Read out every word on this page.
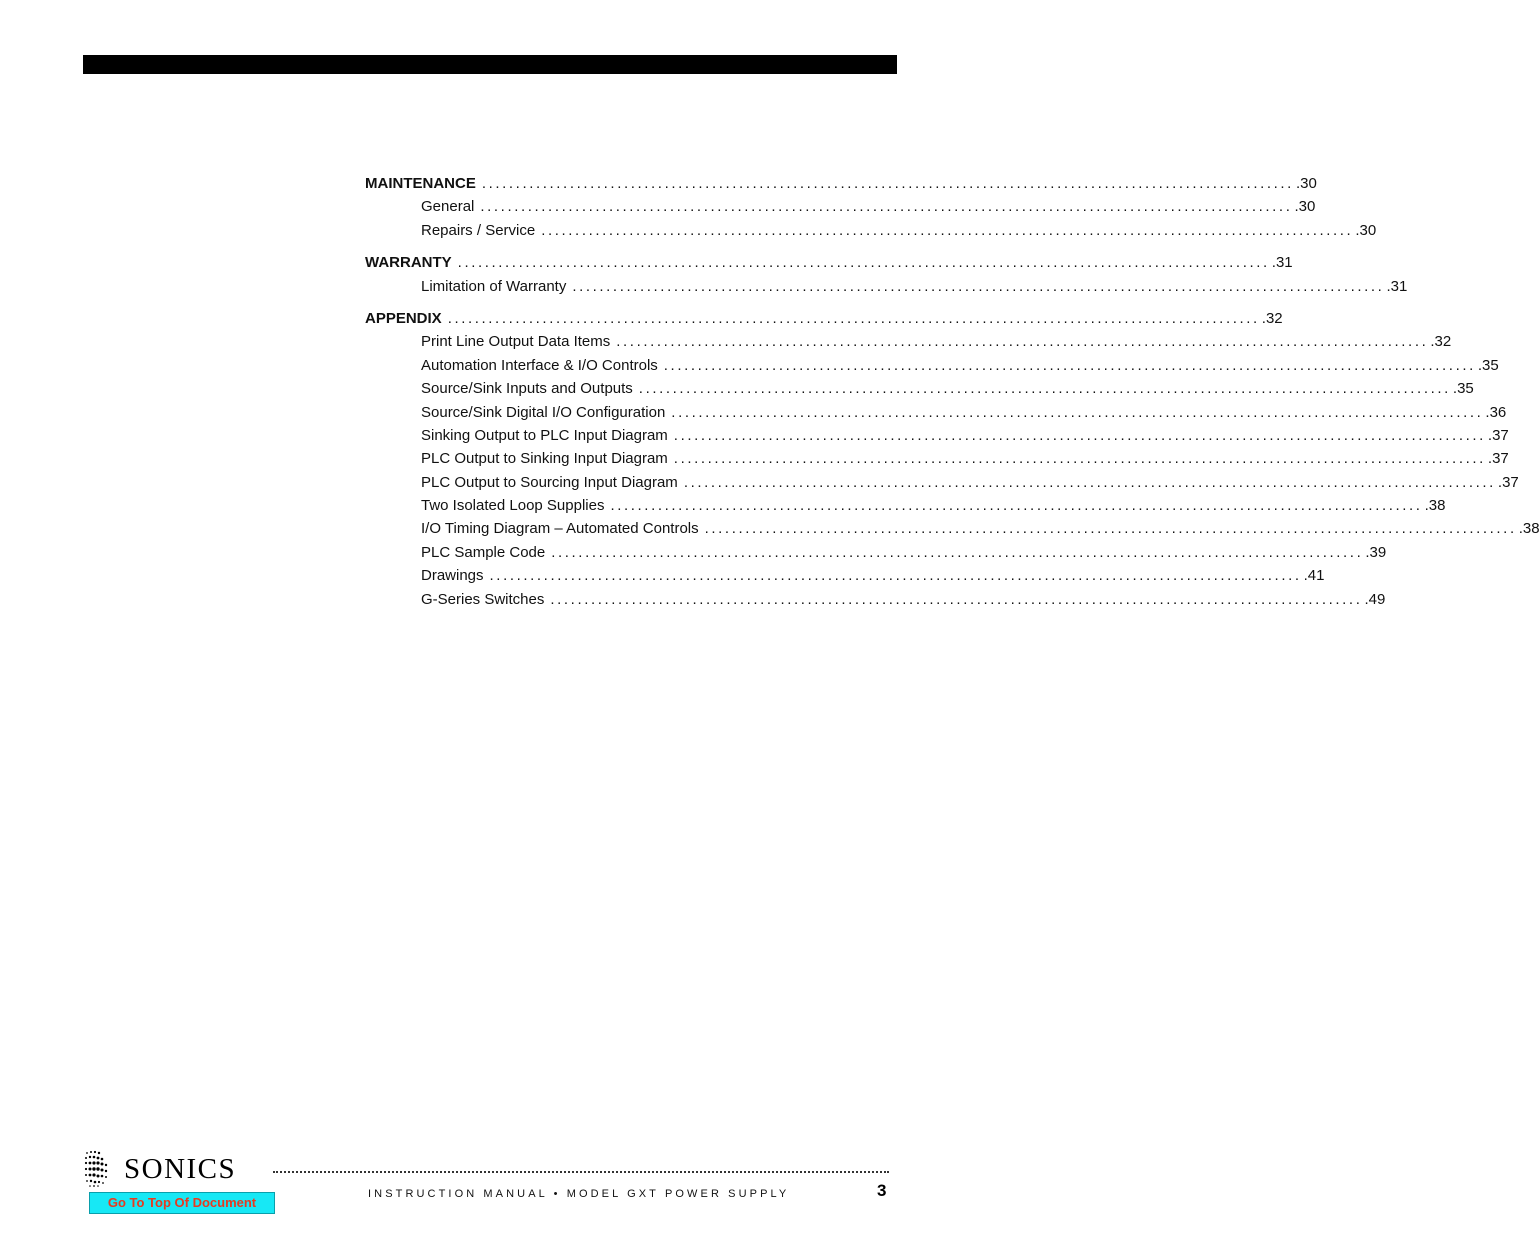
MAINTENANCE ........................................................................................................................ .30
General ........................................................................................................................ .30
Repairs / Service ........................................................................................................................ .30
WARRANTY ........................................................................................................................ .31
Limitation of Warranty ........................................................................................................................ .31
APPENDIX ........................................................................................................................ .32
Print Line Output Data Items ........................................................................................................................ .32
Automation Interface & I/O Controls ........................................................................................................................ .35
Source/Sink Inputs and Outputs ........................................................................................................................ .35
Source/Sink Digital I/O Configuration ........................................................................................................................ .36
Sinking Output to PLC Input Diagram ........................................................................................................................ .37
PLC Output to Sinking Input Diagram ........................................................................................................................ .37
PLC Output to Sourcing Input Diagram ........................................................................................................................ .37
Two Isolated Loop Supplies ........................................................................................................................ .38
I/O Timing Diagram – Automated Controls ........................................................................................................................ .38
PLC Sample Code ........................................................................................................................ .39
Drawings ........................................................................................................................ .41
G-Series Switches ........................................................................................................................ .49
SONICS
INSTRUCTION MANUAL • MODEL GXT POWER SUPPLY	3
Go To Top Of Document
